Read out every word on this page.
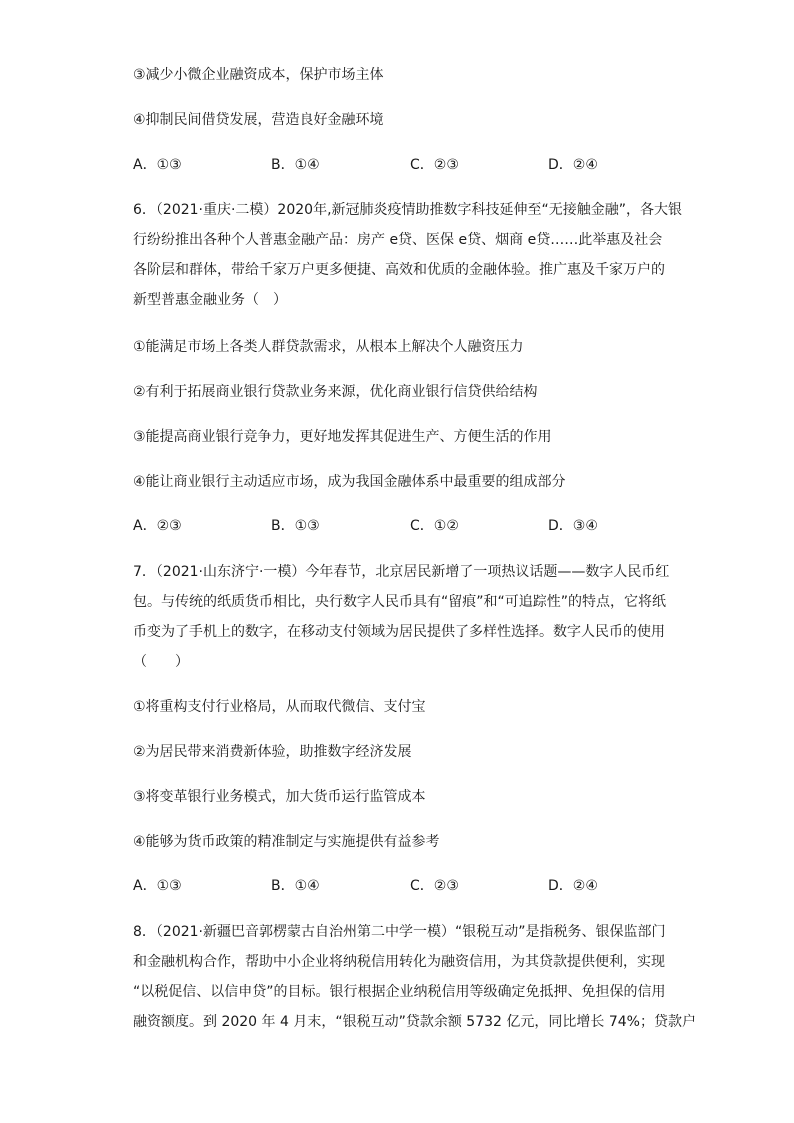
③减少小微企业融资成本，保护市场主体
④抑制民间借贷发展，营造良好金融环境
A．①③	B．①④	C．②③	D．②④
6．（2021·重庆·二模）2020年,新冠肺炎疫情助推数字科技延伸至“无接触金融”，各大银
行纷纷推出各种个人普惠金融产品：房产 e贷、医保 e贷、烟商 e贷……此举惠及社会
各阶层和群体，带给千家万户更多便捷、高效和优质的金融体验。推广惠及千家万户的
新型普惠金融业务（　）
①能满足市场上各类人群贷款需求，从根本上解决个人融资压力
②有利于拓展商业银行贷款业务来源，优化商业银行信贷供给结构
③能提高商业银行竞争力，更好地发挥其促进生产、方便生活的作用
④能让商业银行主动适应市场，成为我国金融体系中最重要的组成部分
A．②③	B．①③	C．①②	D．③④
7．（2021·山东济宁·一模）今年春节，北京居民新增了一项热议话题——数字人民币红
包。与传统的纸质货币相比，央行数字人民币具有“留痕”和“可追踪性”的特点，它将纸
币变为了手机上的数字，在移动支付领域为居民提供了多样性选择。数字人民币的使用
（　　）
①将重构支付行业格局，从而取代微信、支付宝
②为居民带来消费新体验，助推数字经济发展
③将变革银行业务模式，加大货币运行监管成本
④能够为货币政策的精准制定与实施提供有益参考
A．①③	B．①④	C．②③	D．②④
8．（2021·新疆巴音郭楞蒙古自治州第二中学一模）“银税互动”是指税务、银保监部门
和金融机构合作，帮助中小企业将纳税信用转化为融资信用，为其贷款提供便利，实现
“以税促信、以信申贷”的目标。银行根据企业纳税信用等级确定免抵押、免担保的信用
融资额度。到 2020 年 4 月末，“银税互动”贷款余额 5732 亿元，同比增长 74%；贷款户
